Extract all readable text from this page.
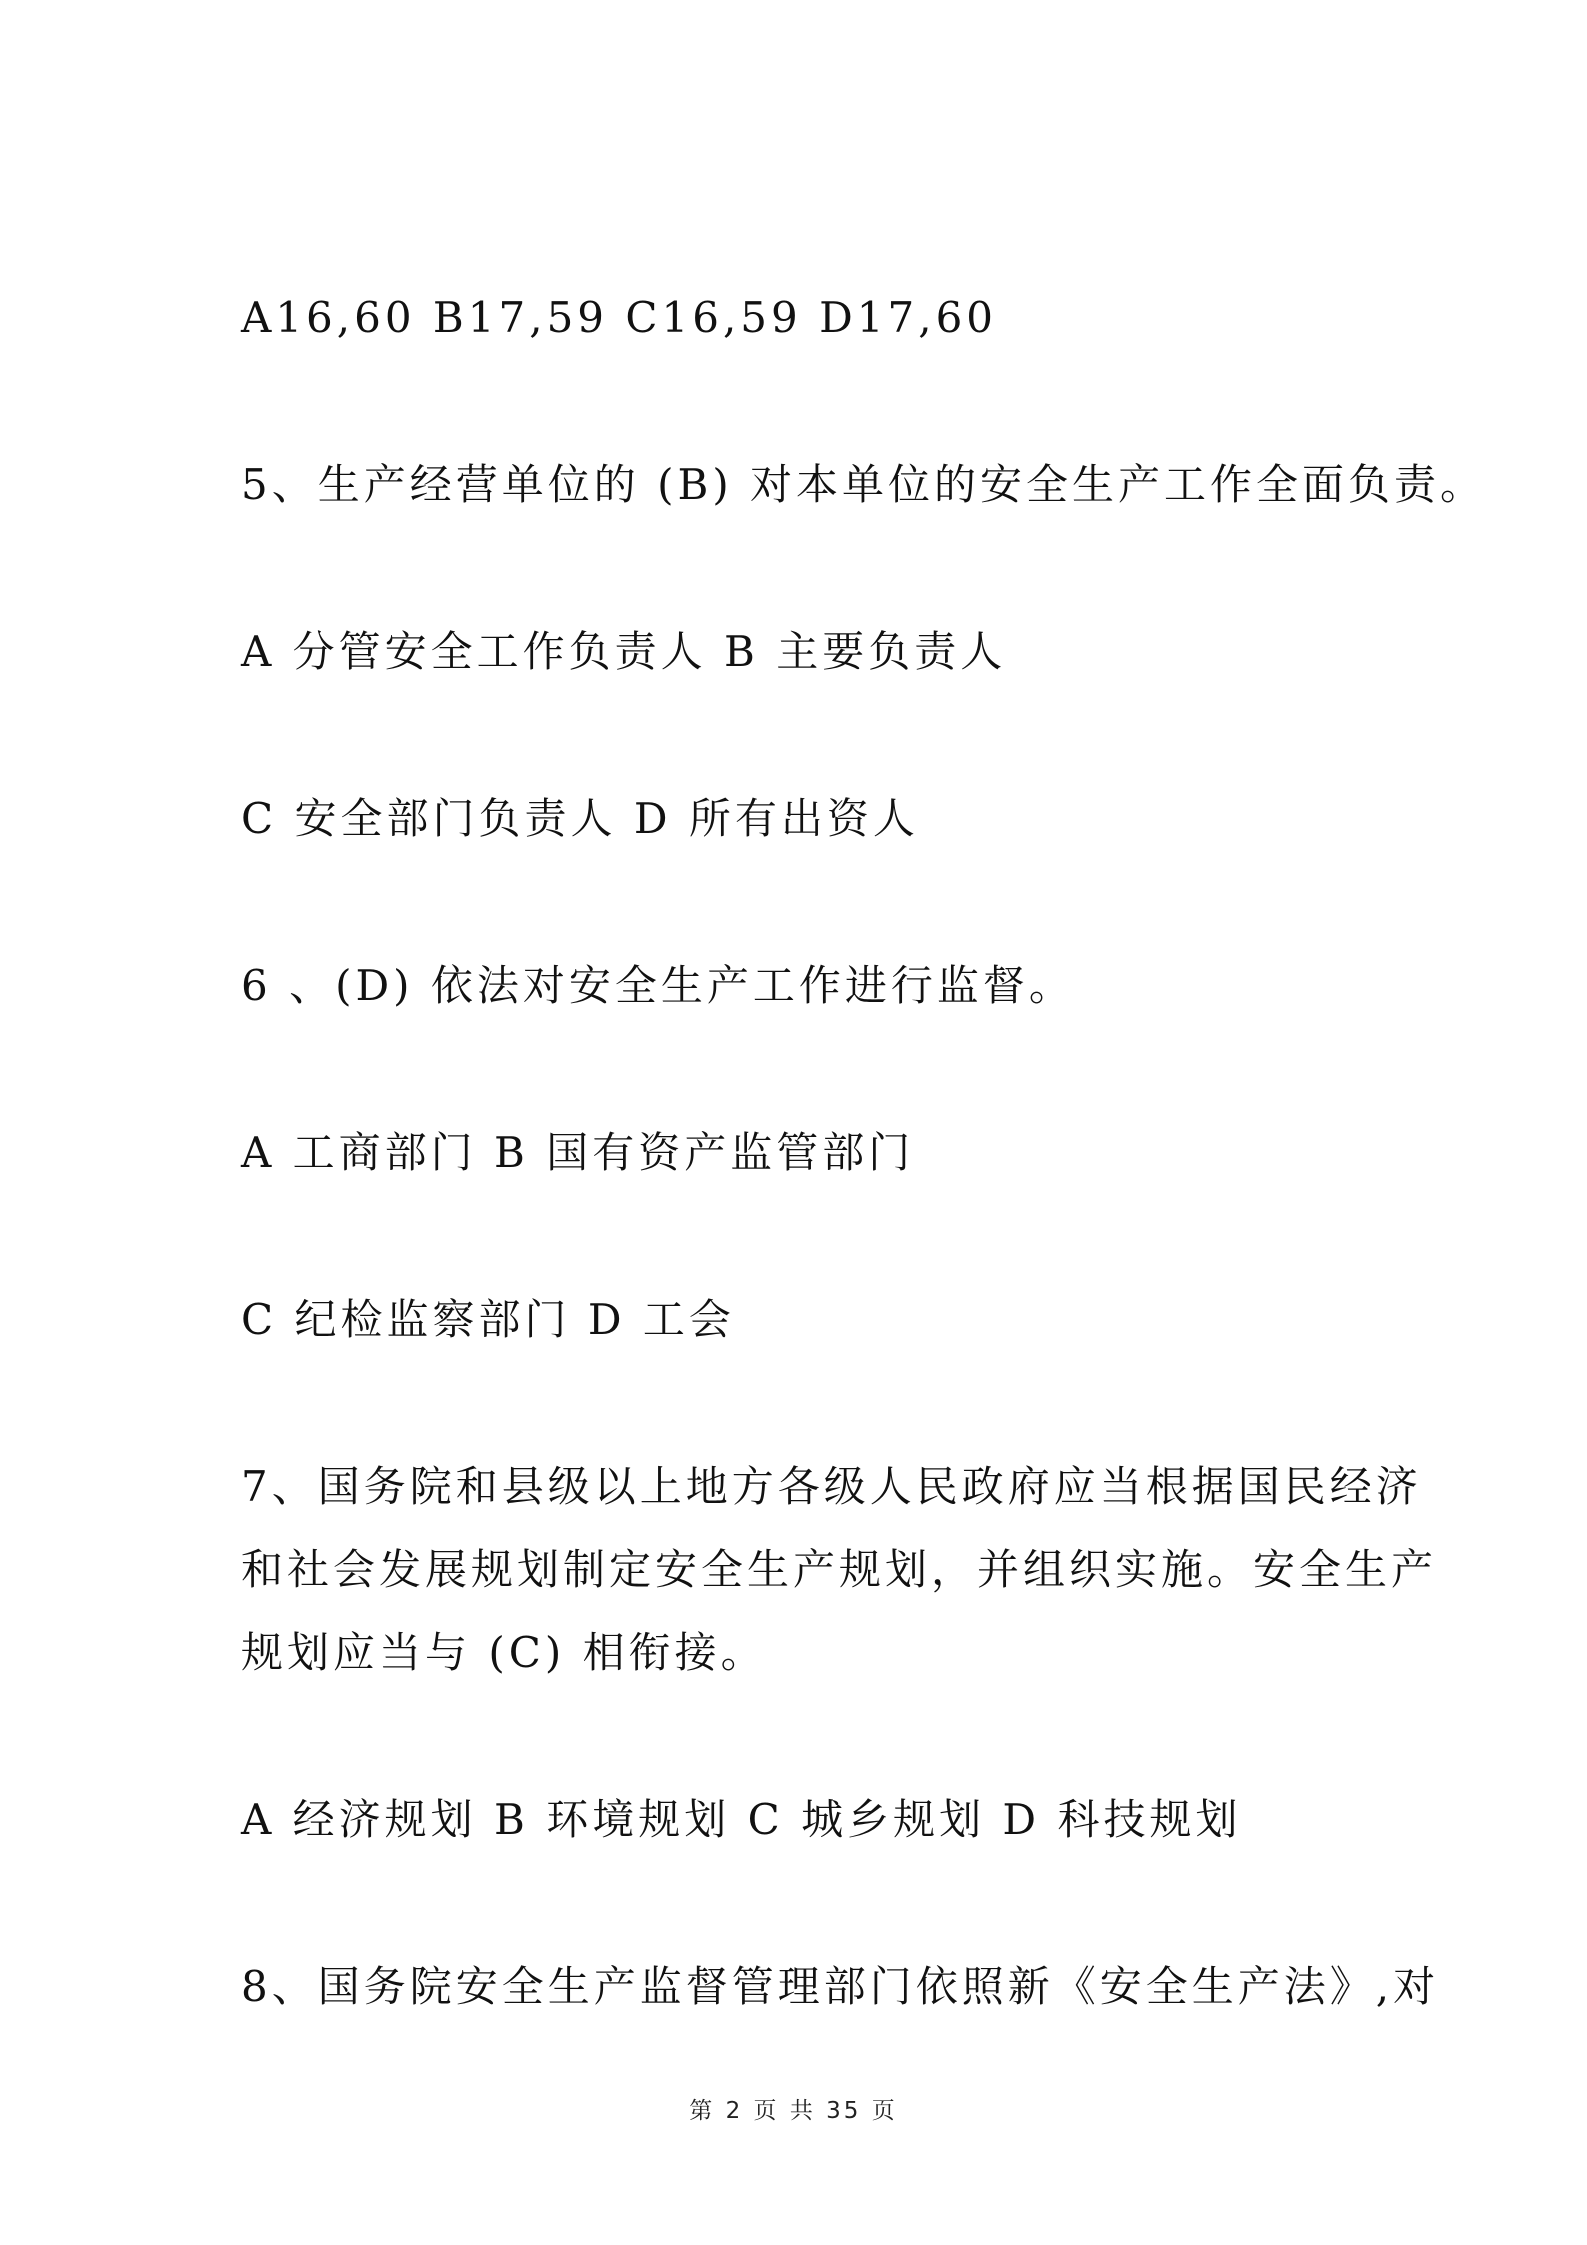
A16,60 B17,59 C16,59 D17,60
5、生产经营单位的 (B) 对本单位的安全生产工作全面负责。
A 分管安全工作负责人 B 主要负责人
C 安全部门负责人 D 所有出资人
6 、(D) 依法对安全生产工作进行监督。
A 工商部门 B 国有资产监管部门
C 纪检监察部门 D 工会
7、国务院和县级以上地方各级人民政府应当根据国民经济
和社会发展规划制定安全生产规划，并组织实施。安全生产
规划应当与 (C) 相衔接。
A 经济规划 B 环境规划 C 城乡规划 D 科技规划
8、国务院安全生产监督管理部门依照新《安全生产法》,对
第 2 页 共 35 页
